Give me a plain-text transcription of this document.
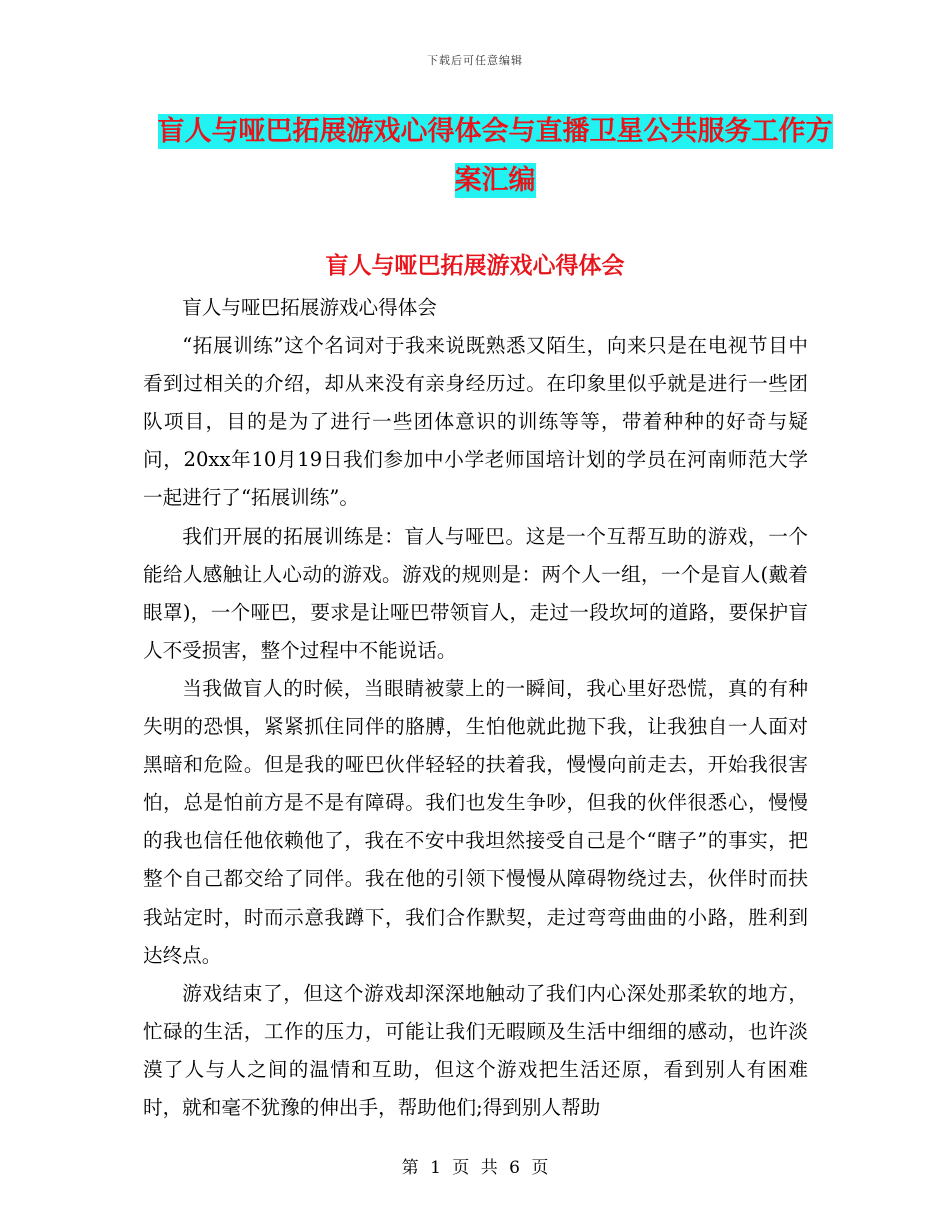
下载后可任意编辑
盲人与哑巴拓展游戏心得体会与直播卫星公共服务工作方案汇编
盲人与哑巴拓展游戏心得体会

盲人与哑巴拓展游戏心得体会

“拓展训练”这个名词对于我来说既熟悉又陌生，向来只是在电视节目中看到过相关的介绍，却从来没有亲身经历过。在印象里似乎就是进行一些团队项目，目的是为了进行一些团体意识的训练等等，带着种种的好奇与疑问，20xx年10月19日我们参加中小学老师国培计划的学员在河南师范大学一起进行了“拓展训练”。

我们开展的拓展训练是：盲人与哑巴。这是一个互帮互助的游戏，一个能给人感触让人心动的游戏。游戏的规则是：两个人一组，一个是盲人(戴着眼罩)，一个哑巴，要求是让哑巴带领盲人，走过一段坎坷的道路，要保护盲人不受损害，整个过程中不能说话。

当我做盲人的时候，当眼睛被蒙上的一瞬间，我心里好恐慌，真的有种失明的恐惧，紧紧抓住同伴的胳膊，生怕他就此抛下我，让我独自一人面对黑暗和危险。但是我的哑巴伙伴轻轻的扶着我，慢慢向前走去，开始我很害怕，总是怕前方是不是有障碍。我们也发生争吵，但我的伙伴很悉心，慢慢的我也信任他依赖他了，我在不安中我坦然接受自己是个“瞎子”的事实，把整个自己都交给了同伴。我在他的引领下慢慢从障碍物绕过去，伙伴时而扶我站定时，时而示意我蹲下，我们合作默契，走过弯弯曲曲的小路，胜利到达终点。

游戏结束了，但这个游戏却深深地触动了我们内心深处那柔软的地方，忙碌的生活，工作的压力，可能让我们无暇顾及生活中细细的感动，也许淡漠了人与人之间的温情和互助，但这个游戏把生活还原，看到别人有困难时，就和毫不犹豫的伸出手，帮助他们;得到别人帮助

第 1 页 共 6 页
